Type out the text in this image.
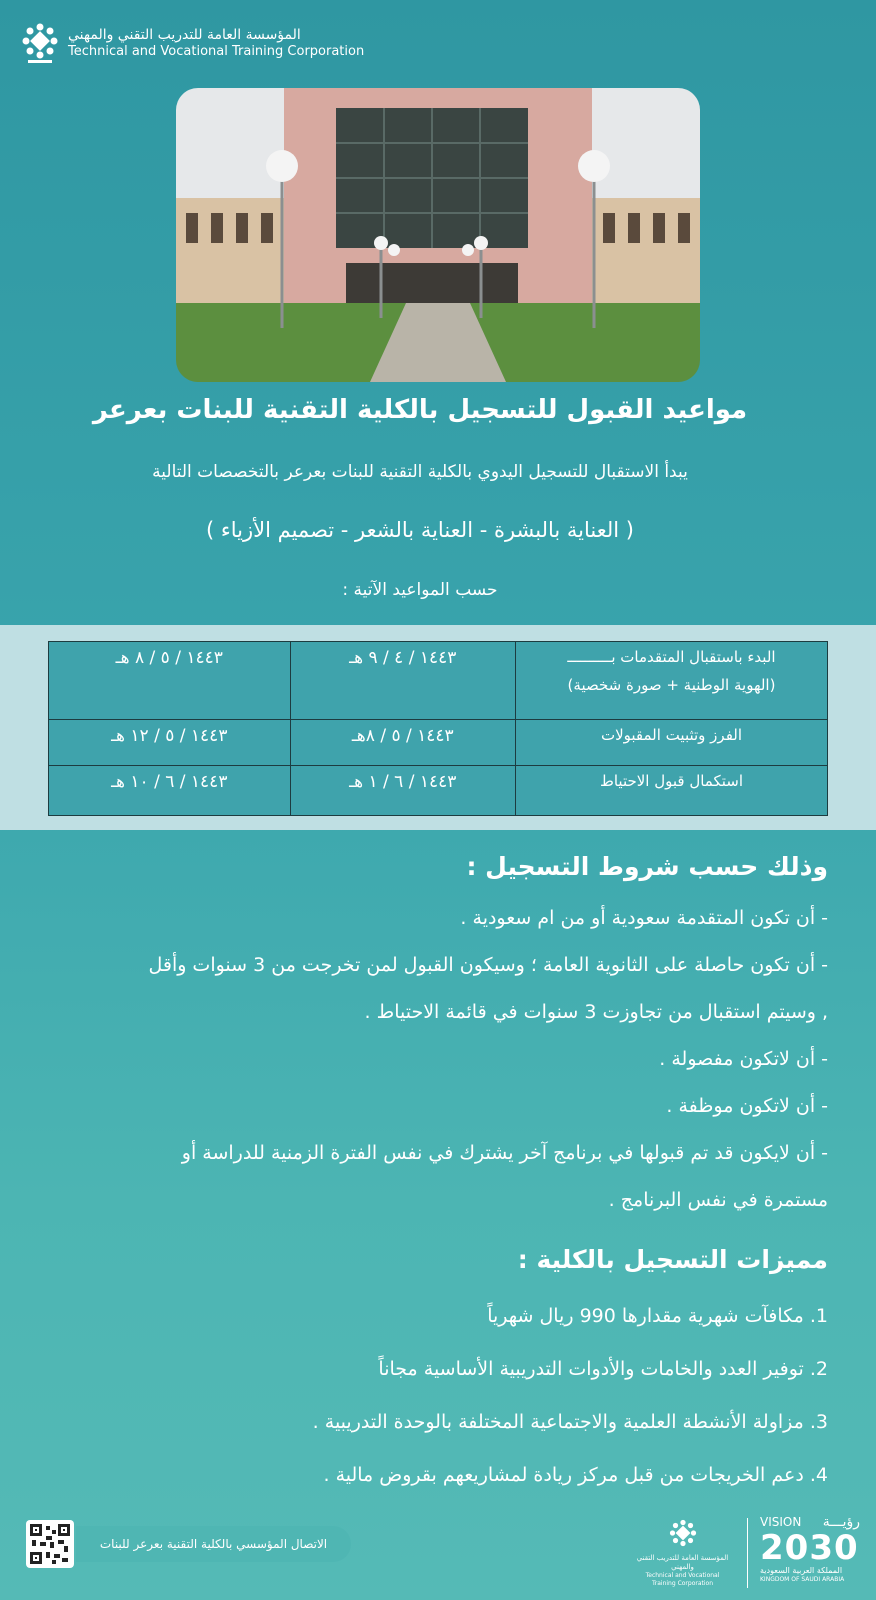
المؤسسة العامة للتدريب التقني والمهني
Technical and Vocational Training Corporation
مواعيد القبول للتسجيل بالكلية التقنية للبنات بعرعر

يبدأ الاستقبال للتسجيل اليدوي بالكلية التقنية للبنات بعرعر بالتخصصات التالية

( العناية بالبشرة - العناية بالشعر - تصميم الأزياء )

حسب المواعيد الآتية :

البدء باستقبال المتقدمات بــــــــــ
(الهوية الوطنية + صورة شخصية)	١٤٤٣ / ٤ / ٩ هـ	١٤٤٣ / ٥ / ٨ هـ
الفرز وتثبيت المقبولات	١٤٤٣ / ٥ / ٨هـ	١٤٤٣ / ٥ / ١٢ هـ
استكمال قبول الاحتياط	١٤٤٣ / ٦ / ١ هـ	١٤٤٣ / ٦ / ١٠ هـ
وذلك حسب شروط التسجيل :

- أن تكون المتقدمة سعودية أو من ام سعودية .

- أن تكون حاصلة على الثانوية العامة ؛ وسيكون القبول لمن تخرجت من 3 سنوات وأقل

, وسيتم استقبال من تجاوزت 3 سنوات في قائمة الاحتياط .

- أن لاتكون مفصولة .

- أن لاتكون موظفة .

- أن لايكون قد تم قبولها في برنامج آخر يشترك في نفس الفترة الزمنية للدراسة أو

مستمرة في نفس البرنامج .

مميزات التسجيل بالكلية :
1. مكافآت شهرية مقدارها 990 ريال شهرياً
2. توفير العدد والخامات والأدوات التدريبية الأساسية مجاناً
3. مزاولة الأنشطة العلمية والاجتماعية المختلفة بالوحدة التدريبية .
4. دعم الخريجات من قبل مركز ريادة لمشاريعهم بقروض مالية .
الاتصال المؤسسي بالكلية التقنية بعرعر للبنات
المؤسسة العامة للتدريب التقني والمهني
Technical and Vocational Training Corporation
VISION رؤيـــة
2030
المملكة العربية السعودية
KINGDOM OF SAUDI ARABIA
